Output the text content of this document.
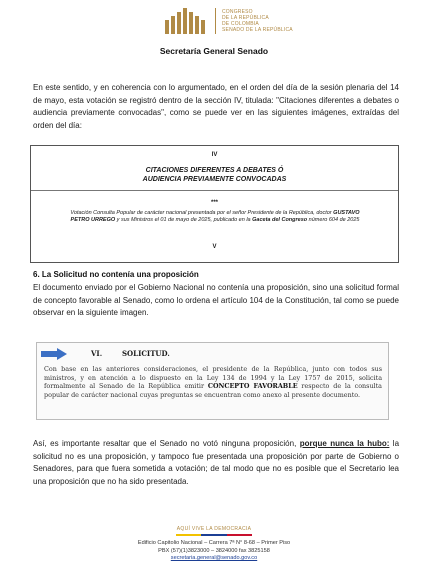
CONGRESO
DE LA REPÚBLICA
DE COLOMBIA
SENADO DE LA REPÚBLICA
Secretaría General Senado

En este sentido, y en coherencia con lo argumentado, en el orden del día de la sesión plenaria del 14 de mayo, esta votación se registró dentro de la sección IV, titulada: "Citaciones diferentes a debates o audiencia previamente convocadas", como se puede ver en las siguientes imágenes, extraídas del orden del día:

IV
CITACIONES DIFERENTES A DEBATES Ó
AUDIENCIA PREVIAMENTE CONVOCADAS
***
Votación Consulta Popular de carácter nacional presentada por el señor Presidente de la República, doctor GUSTAVO PETRO URREGO y sus Ministros el 01 de mayo de 2025, publicado en la Gaceta del Congreso número 604 de 2025
V
6. La Solicitud no contenía una proposición

El documento enviado por el Gobierno Nacional no contenía una proposición, sino una solicitud formal de concepto favorable al Senado, como lo ordena el artículo 104 de la Constitución, tal como se puede observar en la siguiente imagen.

VI.	SOLICITUD.
Con base en las anteriores consideraciones, el presidente de la República, junto con todos sus ministros, y en atención a lo dispuesto en la Ley 134 de 1994 y la Ley 1757 de 2015, solicita formalmente al Senado de la República emitir CONCEPTO FAVORABLE respecto de la consulta popular de carácter nacional cuyas preguntas se encuentran como anexo al presente documento.

Así, es importante resaltar que el Senado no votó ninguna proposición, porque nunca la hubo: la solicitud no es una proposición, y tampoco fue presentada una proposición por parte de Gobierno o Senadores, para que fuera sometida a votación; de tal modo que no es posible que el Secretario lea una proposición que no ha sido presentada.

AQUÍ VIVE LA DEMOCRACIA
Edificio Capitolio Nacional – Carrera 7ª N° 8-68 – Primer Piso
PBX (57)(1)3823000 – 3824000 fax 3825158
secretaria.general@senado.gov.co
